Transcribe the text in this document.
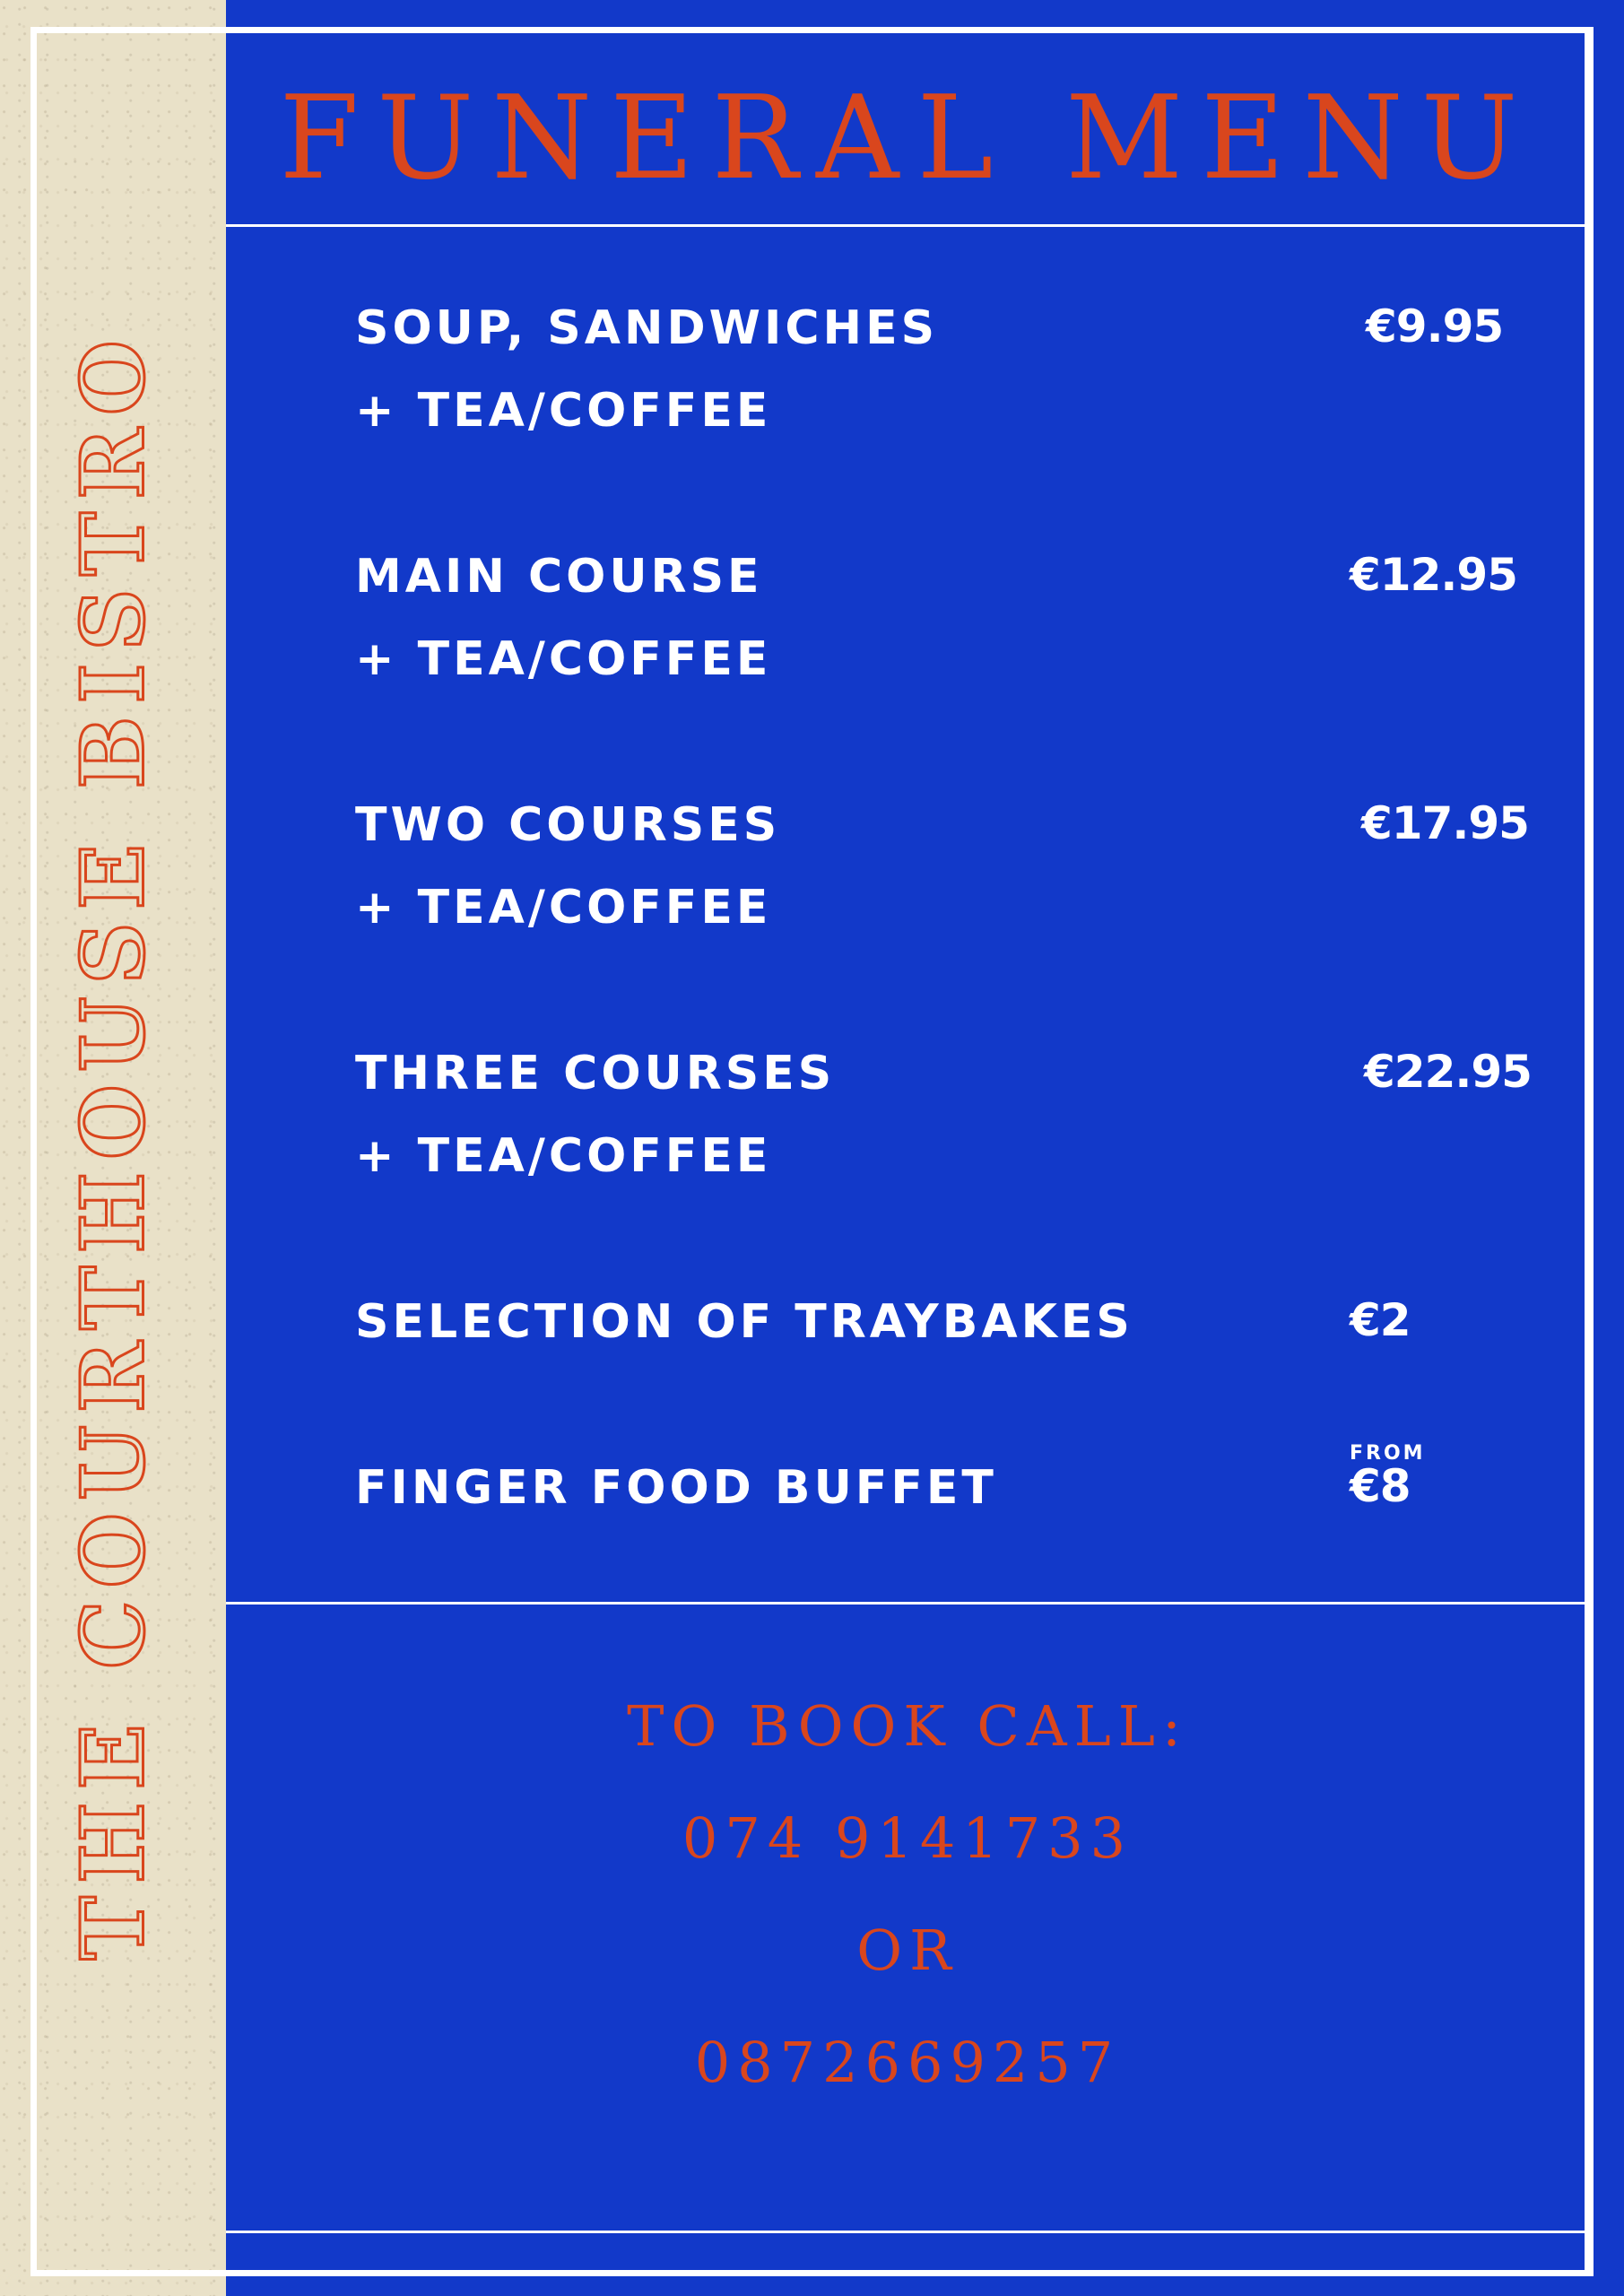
THE COURTHOUSE BISTRO
FUNERAL MENU
SOUP, SANDWICHES
+ TEA/COFFEE
€9.95
MAIN COURSE
+ TEA/COFFEE
€12.95
TWO COURSES
+ TEA/COFFEE
€17.95
THREE COURSES
+ TEA/COFFEE
€22.95
SELECTION OF TRAYBAKES	€2
FINGER FOOD BUFFET
FROM
€8
TO BOOK CALL:
074 9141733
OR
0872669257
